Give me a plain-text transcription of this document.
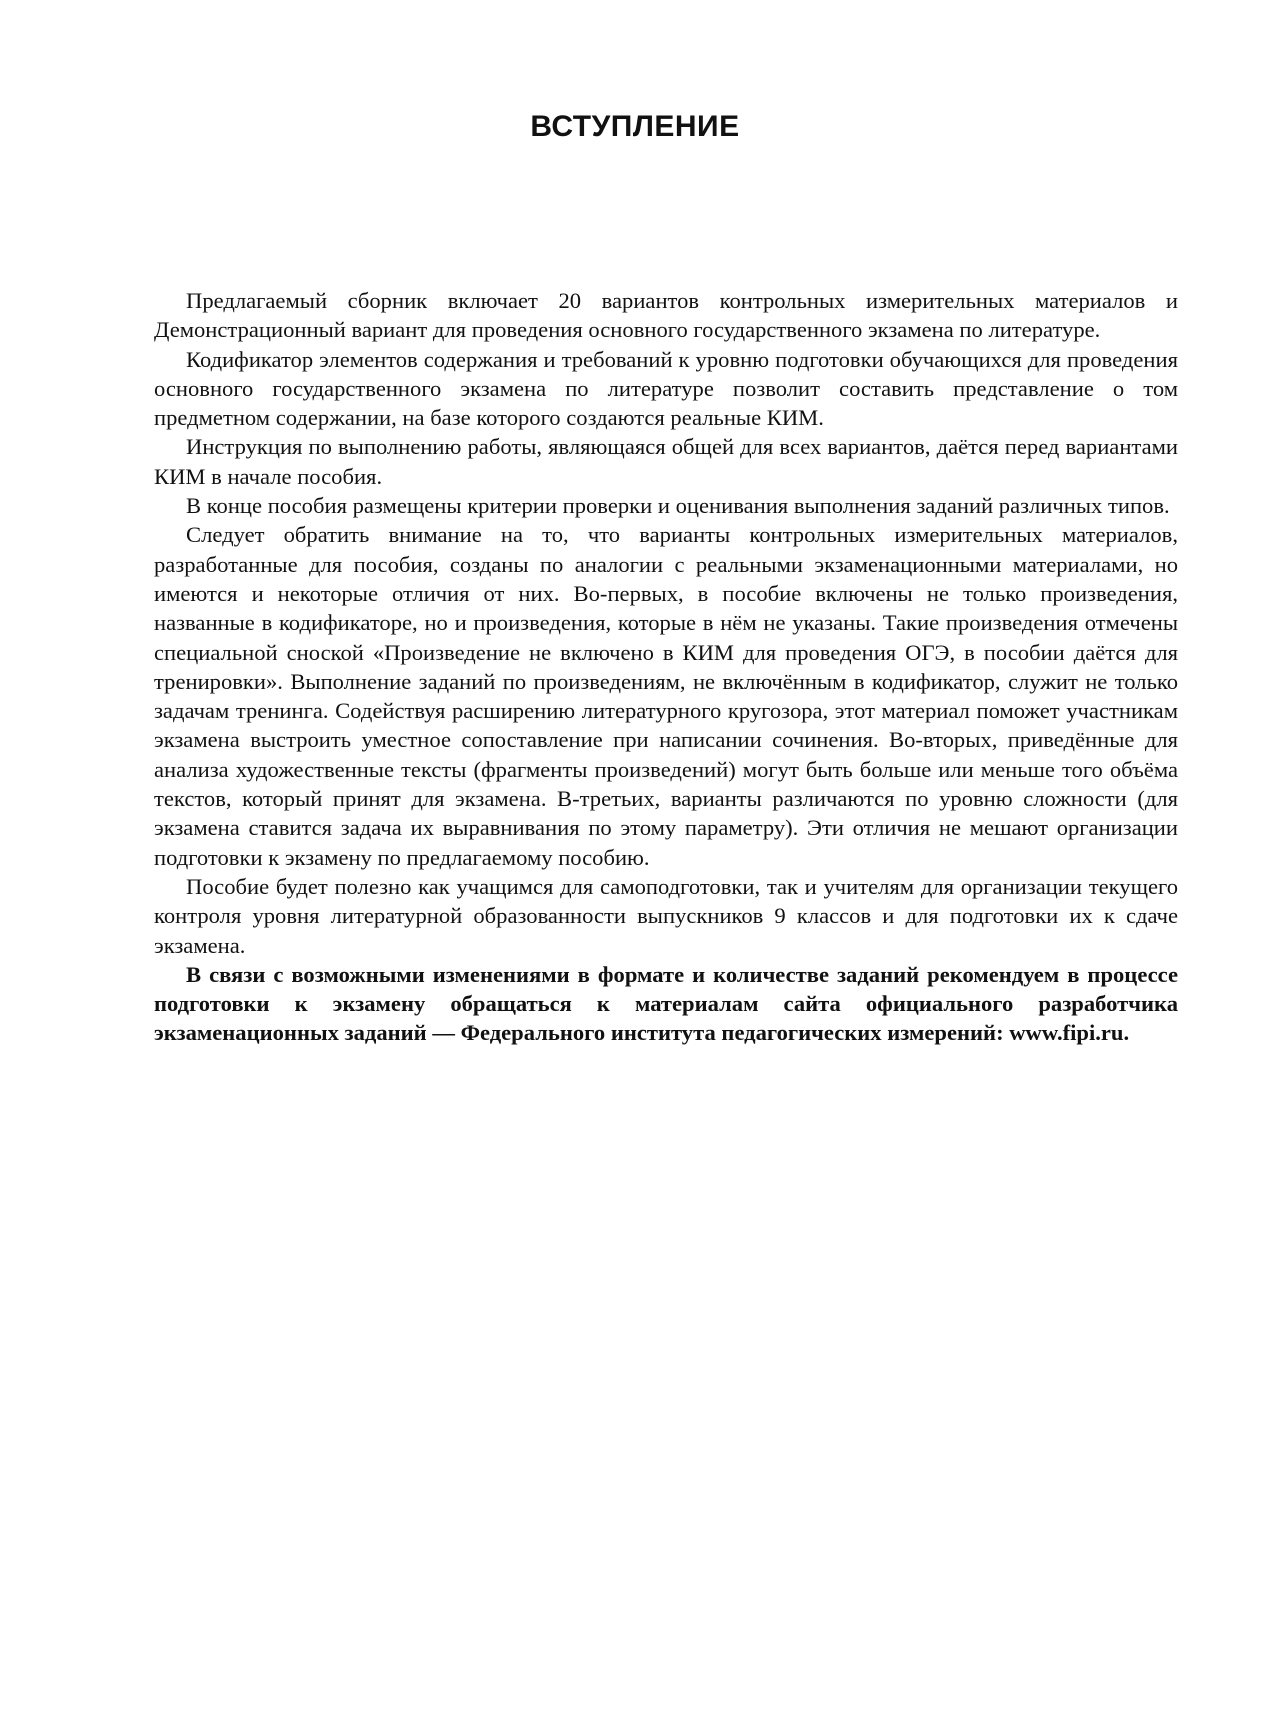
ВСТУПЛЕНИЕ

Предлагаемый сборник включает 20 вариантов контрольных измерительных материалов и Демонстрационный вариант для проведения основного государственного экзамена по литературе.

Кодификатор элементов содержания и требований к уровню подготовки обучающихся для проведения основного государственного экзамена по литературе позволит составить представление о том предметном содержании, на базе которого создаются реальные КИМ.

Инструкция по выполнению работы, являющаяся общей для всех вариантов, даётся перед вариантами КИМ в начале пособия.

В конце пособия размещены критерии проверки и оценивания выполнения заданий различных типов.

Следует обратить внимание на то, что варианты контрольных измерительных материалов, разработанные для пособия, созданы по аналогии с реальными экзаменационными материалами, но имеются и некоторые отличия от них. Во-первых, в пособие включены не только произведения, названные в кодификаторе, но и произведения, которые в нём не указаны. Такие произведения отмечены специальной сноской «Произведение не включено в КИМ для проведения ОГЭ, в пособии даётся для тренировки». Выполнение заданий по произведениям, не включённым в кодификатор, служит не только задачам тренинга. Содействуя расширению литературного кругозора, этот материал поможет участникам экзамена выстроить уместное сопоставление при написании сочинения. Во-вторых, приведённые для анализа художественные тексты (фрагменты произведений) могут быть больше или меньше того объёма текстов, который принят для экзамена. В-третьих, варианты различаются по уровню сложности (для экзамена ставится задача их выравнивания по этому параметру). Эти отличия не мешают организации подготовки к экзамену по предлагаемому пособию.

Пособие будет полезно как учащимся для самоподготовки, так и учителям для организации текущего контроля уровня литературной образованности выпускников 9 классов и для подготовки их к сдаче экзамена.

В связи с возможными изменениями в формате и количестве заданий рекомендуем в процессе подготовки к экзамену обращаться к материалам сайта официального разработчика экзаменационных заданий — Федерального института педагогических измерений: www.fipi.ru.
